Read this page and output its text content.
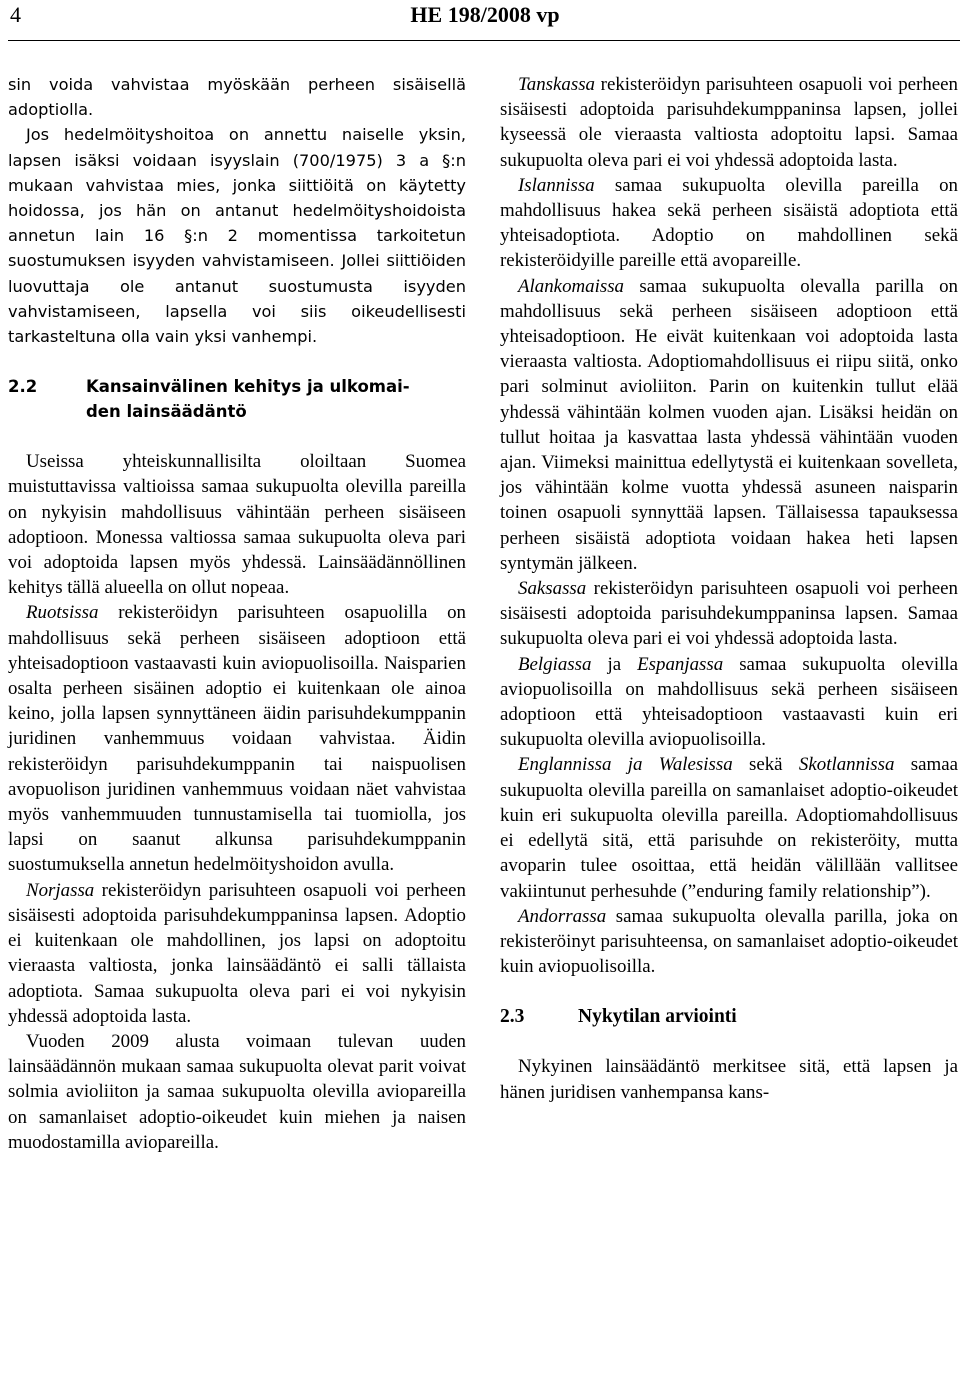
4	HE 198/2008 vp

sin voida vahvistaa myöskään perheen sisäisellä adoptiolla.

Jos hedelmöityshoitoa on annettu naiselle yksin, lapsen isäksi voidaan isyyslain (700/1975) 3 a §:n mukaan vahvistaa mies, jonka siittiöitä on käytetty hoidossa, jos hän on antanut hedelmöityshoidoista annetun lain 16 §:n 2 momentissa tarkoitetun suostumuksen isyyden vahvistamiseen. Jollei siittiöiden luovuttaja ole antanut suostumusta isyyden vahvistamiseen, lapsella voi siis oikeudellisesti tarkasteltuna olla vain yksi vanhempi.

2.2	Kansainvälinen kehitys ja ulkomai-
den lainsäädäntö

Useissa yhteiskunnallisilta oloiltaan Suomea muistuttavissa valtioissa samaa sukupuolta olevilla pareilla on nykyisin mahdollisuus vähintään perheen sisäiseen adoptioon. Monessa valtiossa samaa sukupuolta oleva pari voi adoptoida lapsen myös yhdessä. Lainsäädännöllinen kehitys tällä alueella on ollut nopeaa.

Ruotsissa rekisteröidyn parisuhteen osapuolilla on mahdollisuus sekä perheen sisäiseen adoptioon että yhteisadoptioon vastaavasti kuin aviopuolisoilla. Naisparien osalta perheen sisäinen adoptio ei kuitenkaan ole ainoa keino, jolla lapsen synnyttäneen äidin parisuhdekumppanin juridinen vanhemmuus voidaan vahvistaa. Äidin rekisteröidyn parisuhdekumppanin tai naispuolisen avopuolison juridinen vanhemmuus voidaan näet vahvistaa myös vanhemmuuden tunnustamisella tai tuomiolla, jos lapsi on saanut alkunsa parisuhdekumppanin suostumuksella annetun hedelmöityshoidon avulla.

Norjassa rekisteröidyn parisuhteen osapuoli voi perheen sisäisesti adoptoida parisuhdekumppaninsa lapsen. Adoptio ei kuitenkaan ole mahdollinen, jos lapsi on adoptoitu vieraasta valtiosta, jonka lainsäädäntö ei salli tällaista adoptiota. Samaa sukupuolta oleva pari ei voi nykyisin yhdessä adoptoida lasta.

Vuoden 2009 alusta voimaan tulevan uuden lainsäädännön mukaan samaa sukupuolta olevat parit voivat solmia avioliiton ja samaa sukupuolta olevilla aviopareilla on samanlaiset adoptio-oikeudet kuin miehen ja naisen muodostamilla aviopareilla.

Tanskassa rekisteröidyn parisuhteen osapuoli voi perheen sisäisesti adoptoida parisuhdekumppaninsa lapsen, jollei kyseessä ole vieraasta valtiosta adoptoitu lapsi. Samaa sukupuolta oleva pari ei voi yhdessä adoptoida lasta.

Islannissa samaa sukupuolta olevilla pareilla on mahdollisuus hakea sekä perheen sisäistä adoptiota että yhteisadoptiota. Adoptio on mahdollinen sekä rekisteröidyille pareille että avopareille.

Alankomaissa samaa sukupuolta olevalla parilla on mahdollisuus sekä perheen sisäiseen adoptioon että yhteisadoptioon. He eivät kuitenkaan voi adoptoida lasta vieraasta valtiosta. Adoptiomahdollisuus ei riipu siitä, onko pari solminut avioliiton. Parin on kuitenkin tullut elää yhdessä vähintään kolmen vuoden ajan. Lisäksi heidän on tullut hoitaa ja kasvattaa lasta yhdessä vähintään vuoden ajan. Viimeksi mainittua edellytystä ei kuitenkaan sovelleta, jos vähintään kolme vuotta yhdessä asuneen naisparin toinen osapuoli synnyttää lapsen. Tällaisessa tapauksessa perheen sisäistä adoptiota voidaan hakea heti lapsen syntymän jälkeen.

Saksassa rekisteröidyn parisuhteen osapuoli voi perheen sisäisesti adoptoida parisuhdekumppaninsa lapsen. Samaa sukupuolta oleva pari ei voi yhdessä adoptoida lasta.

Belgiassa ja Espanjassa samaa sukupuolta olevilla aviopuolisoilla on mahdollisuus sekä perheen sisäiseen adoptioon että yhteisadoptioon vastaavasti kuin eri sukupuolta olevilla aviopuolisoilla.

Englannissa ja Walesissa sekä Skotlannissa samaa sukupuolta olevilla pareilla on samanlaiset adoptio-oikeudet kuin eri sukupuolta olevilla pareilla. Adoptiomahdollisuus ei edellytä sitä, että parisuhde on rekisteröity, mutta avoparin tulee osoittaa, että heidän välillään vallitsee vakiintunut perhesuhde (”enduring family relationship”).

Andorrassa samaa sukupuolta olevalla parilla, joka on rekisteröinyt parisuhteensa, on samanlaiset adoptio-oikeudet kuin aviopuolisoilla.

2.3	Nykytilan arviointi

Nykyinen lainsäädäntö merkitsee sitä, että lapsen ja hänen juridisen vanhempansa kans-
